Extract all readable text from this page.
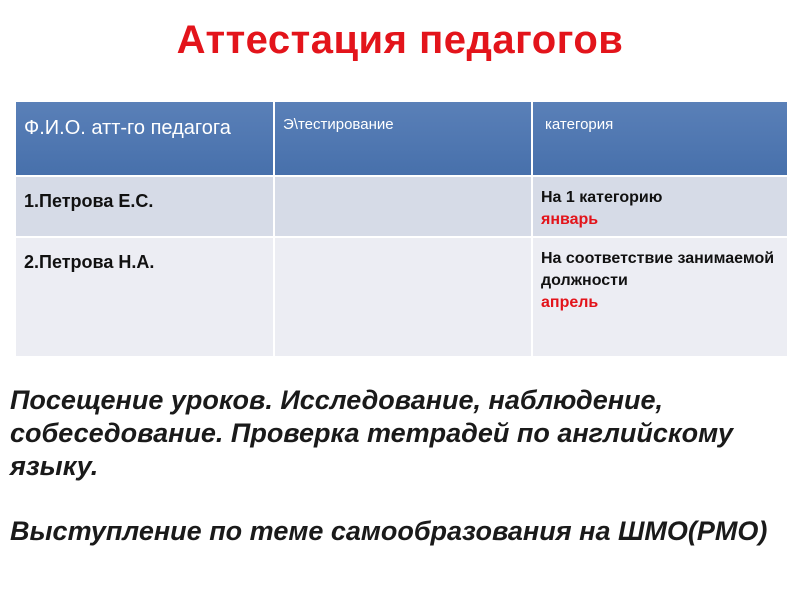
Аттестация педагогов

Ф.И.О. атт-го педагога	Э\тестирование	категория

1.Петрова Е.С.		На 1 категорию
январь

2.Петрова Н.А.		На соответствие занимаемой должности
апрель
Посещение уроков. Исследование, наблюдение, собеседование. Проверка тетрадей по английскому языку.
Выступление по теме самообразования на ШМО(РМО)
